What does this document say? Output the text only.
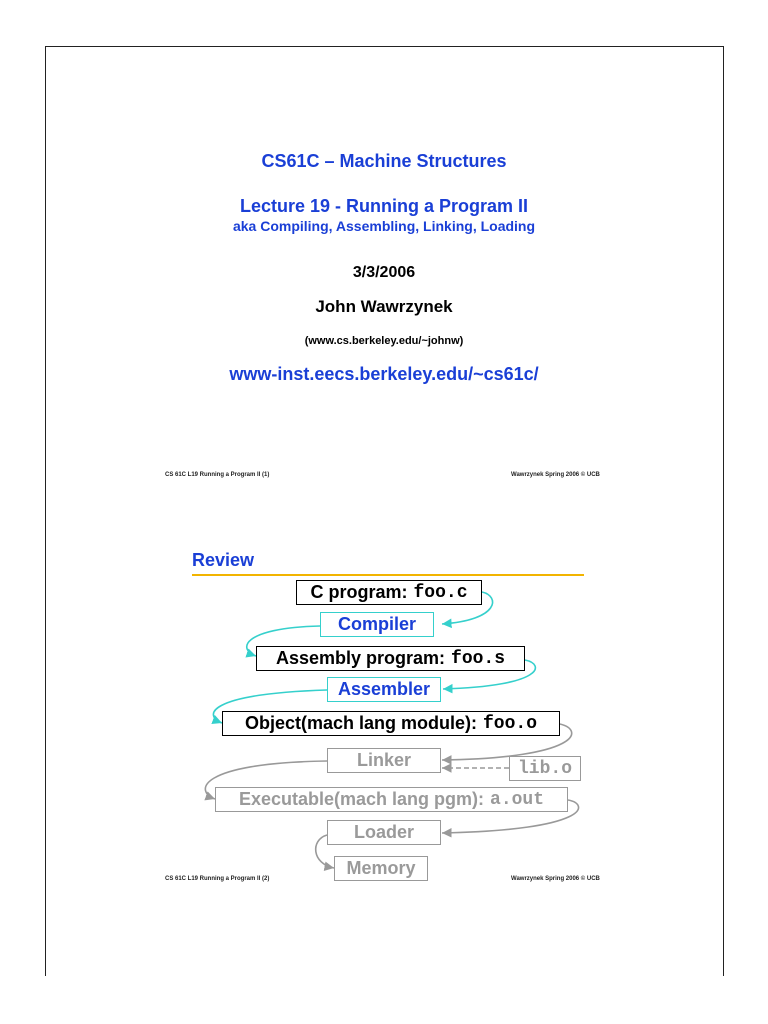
CS61C – Machine Structures
Lecture 19 - Running a Program II
aka Compiling, Assembling, Linking, Loading
3/3/2006
John Wawrzynek
(www.cs.berkeley.edu/~johnw)
www-inst.eecs.berkeley.edu/~cs61c/
CS 61C L19 Running a Program II (1)	Wawrzynek Spring 2006 © UCB
Review
C program: foo.c
Compiler
Assembly program: foo.s
Assembler
Object(mach lang module): foo.o
Linker	lib.o
Executable(mach lang pgm): a.out
Loader
Memory
CS 61C L19 Running a Program II (2)	Wawrzynek Spring 2006 © UCB
